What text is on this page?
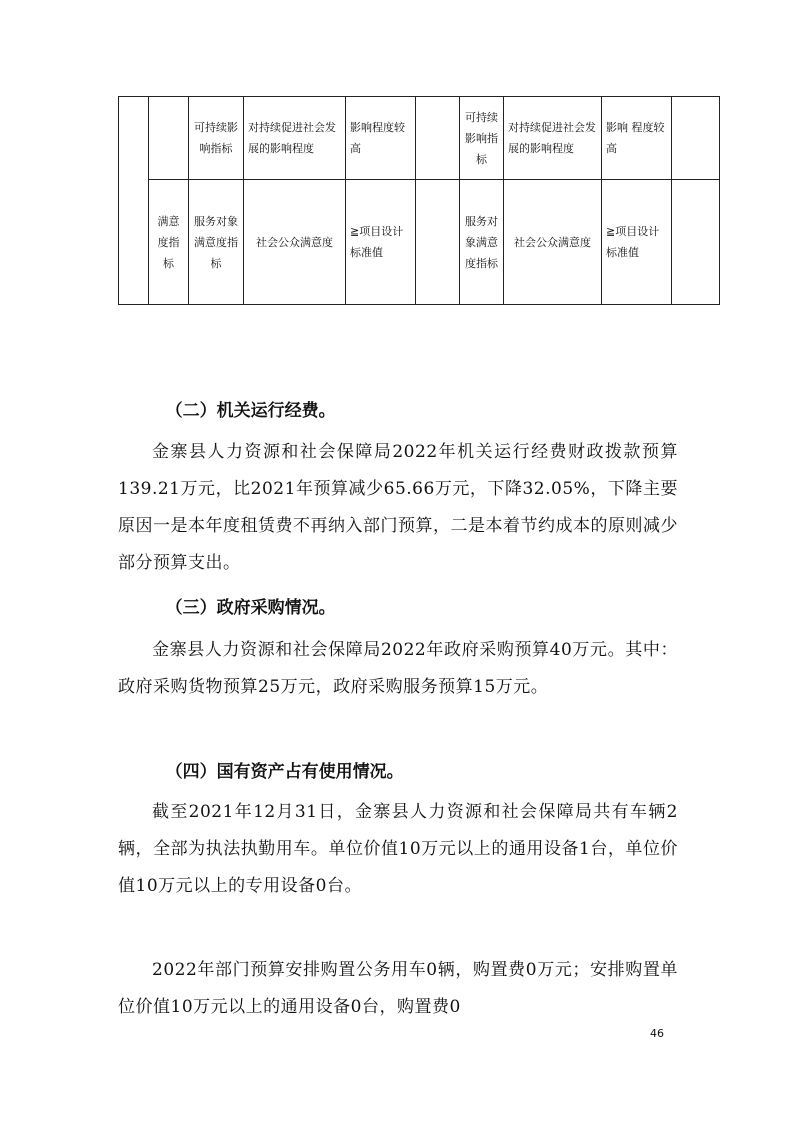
		可持续影响指标	对持续促进社会发展的影响程度	影响程度较高		可持续影响指标	对持续促进社会发展的影响程度	影响 程度较高	

	满意度指标	服务对象满意度指标	社会公众满意度	≧项目设计标准值		服务对象满意度指标	社会公众满意度	≧项目设计标准值	

（二）机关运行经费。

金寨县人力资源和社会保障局2022年机关运行经费财政拨款预算139.21万元，比2021年预算减少65.66万元，下降32.05%，下降主要原因一是本年度租赁费不再纳入部门预算，二是本着节约成本的原则减少部分预算支出。

（三）政府采购情况。

金寨县人力资源和社会保障局2022年政府采购预算40万元。其中：政府采购货物预算25万元，政府采购服务预算15万元。

（四）国有资产占有使用情况。

截至2021年12月31日，金寨县人力资源和社会保障局共有车辆2辆，全部为执法执勤用车。单位价值10万元以上的通用设备1台，单位价值10万元以上的专用设备0台。

2022年部门预算安排购置公务用车0辆，购置费0万元；安排购置单位价值10万元以上的通用设备0台，购置费0

46
